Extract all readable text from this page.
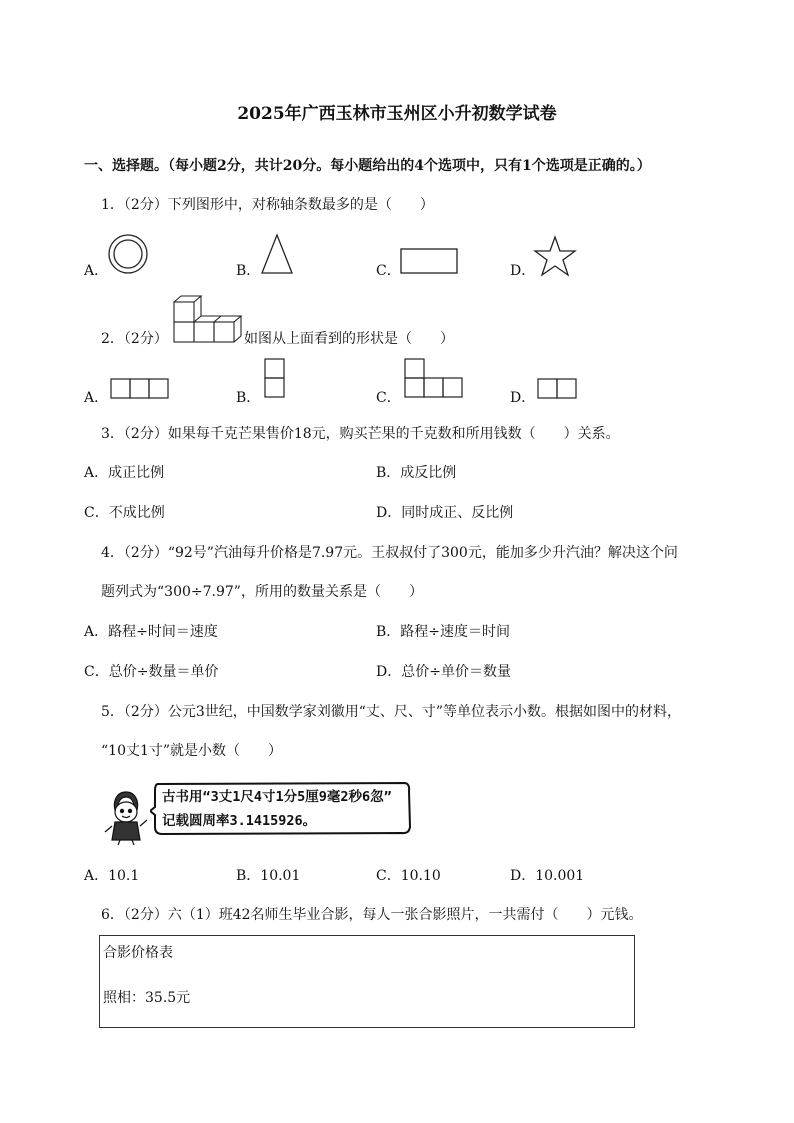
2025年广西玉林市玉州区小升初数学试卷
一、选择题。（每小题2分，共计20分。每小题给出的4个选项中，只有1个选项是正确的。）
1．（2分）下列图形中，对称轴条数最多的是（　　）
A．	B．	C．	D．
2．（2分）	如图从上面看到的形状是（　　）
A．	B．	C．	D．
3．（2分）如果每千克芒果售价18元，购买芒果的千克数和所用钱数（　　）关系。
A．成正比例	B．成反比例
C．不成比例	D．同时成正、反比例
4．（2分）“92号”汽油每升价格是7.97元。王叔叔付了300元，能加多少升汽油？解决这个问
题列式为“300÷7.97”，所用的数量关系是（　　）
A．路程÷时间＝速度	B．路程÷速度＝时间
C．总价÷数量＝单价	D．总价÷单价＝数量
5．（2分）公元3世纪，中国数学家刘徽用“丈、尺、寸”等单位表示小数。根据如图中的材料，
“10丈1寸”就是小数（　　）
古书用“3丈1尺4寸1分5厘9毫2秒6忽”
记载圆周率3.1415926。
A．10.1	B．10.01	C．10.10	D．10.001
6．（2分）六（1）班42名师生毕业合影，每人一张合影照片，一共需付（　　）元钱。
合影价格表
照相：35.5元
